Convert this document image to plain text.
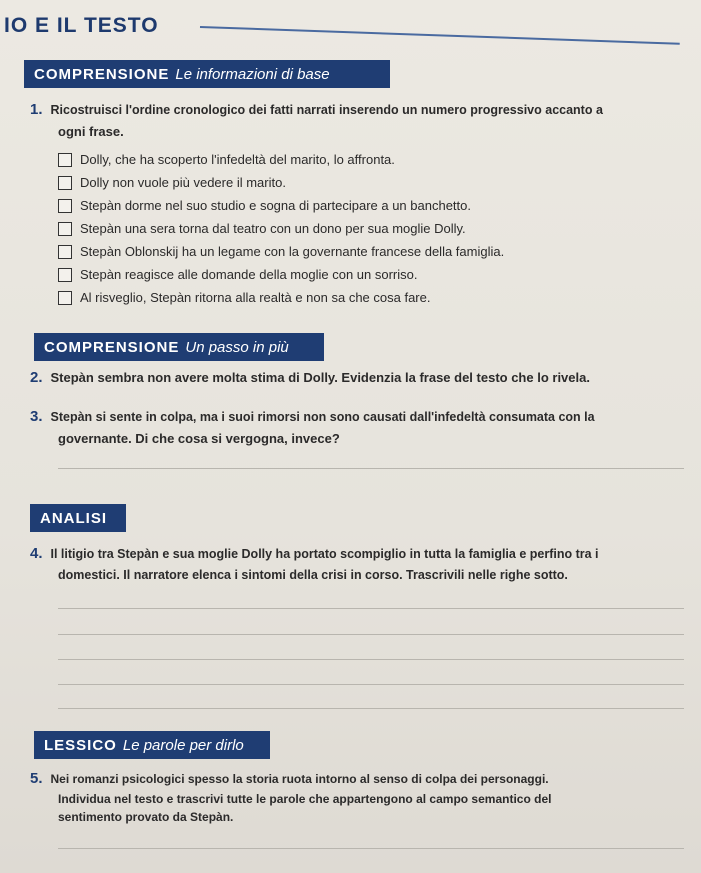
IO E IL TESTO
COMPRENSIONE Le informazioni di base
1. Ricostruisci l'ordine cronologico dei fatti narrati inserendo un numero progressivo accanto a
ogni frase.
Dolly, che ha scoperto l'infedeltà del marito, lo affronta.
Dolly non vuole più vedere il marito.
Stepàn dorme nel suo studio e sogna di partecipare a un banchetto.
Stepàn una sera torna dal teatro con un dono per sua moglie Dolly.
Stepàn Oblonskij ha un legame con la governante francese della famiglia.
Stepàn reagisce alle domande della moglie con un sorriso.
Al risveglio, Stepàn ritorna alla realtà e non sa che cosa fare.
COMPRENSIONE Un passo in più
2. Stepàn sembra non avere molta stima di Dolly. Evidenzia la frase del testo che lo rivela.
3. Stepàn si sente in colpa, ma i suoi rimorsi non sono causati dall'infedeltà consumata con la
governante. Di che cosa si vergogna, invece?
ANALISI
4. Il litigio tra Stepàn e sua moglie Dolly ha portato scompiglio in tutta la famiglia e perfino tra i
domestici. Il narratore elenca i sintomi della crisi in corso. Trascrivili nelle righe sotto.
LESSICO Le parole per dirlo
5. Nei romanzi psicologici spesso la storia ruota intorno al senso di colpa dei personaggi.
Individua nel testo e trascrivi tutte le parole che appartengono al campo semantico del
sentimento provato da Stepàn.
